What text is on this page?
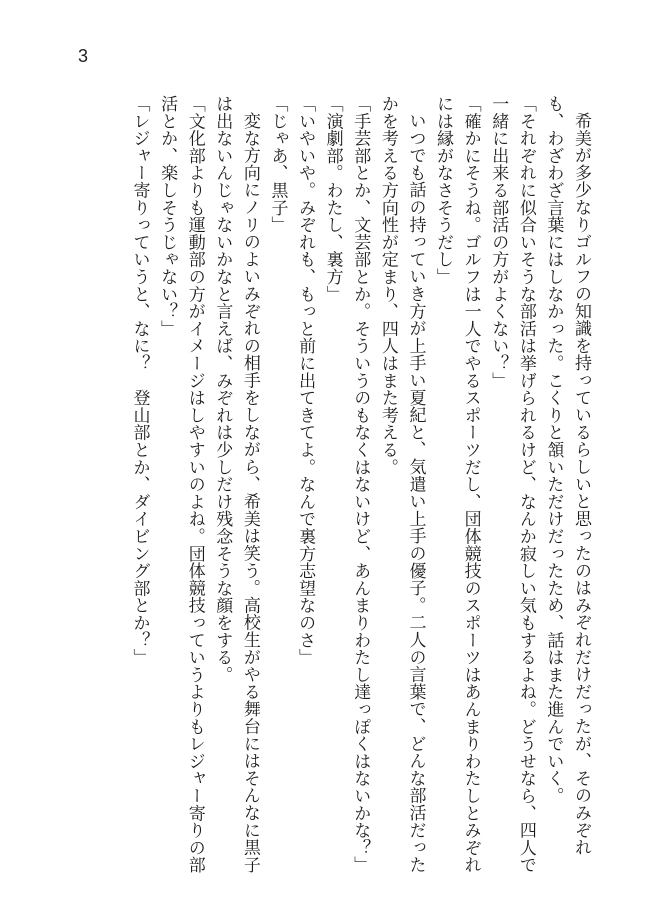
3

希美が多少なりゴルフの知識を持っているらしいと思ったのはみぞれだけだったが、そのみぞれも、わざわざ言葉にはしなかった。こくりと頷いただけだったため、話はまた進んでいく。

「それぞれに似合いそうな部活は挙げられるけど、なんか寂しい気もするよね。どうせなら、四人で一緒に出来る部活の方がよくない？」

「確かにそうね。ゴルフは一人でやるスポーツだし、団体競技のスポーツはあんまりわたしとみぞれには縁がなさそうだし」

いつでも話の持っていき方が上手い夏紀と、気遣い上手の優子。二人の言葉で、どんな部活だったかを考える方向性が定まり、四人はまた考える。

「手芸部とか、文芸部とか。そういうのもなくはないけど、あんまりわたし達っぽくはないかな？」

「演劇部。わたし、裏方」

「いやいや。みぞれも、もっと前に出てきてよ。なんで裏方志望なのさ」

「じゃあ、黒子」

変な方向にノリのよいみぞれの相手をしながら、希美は笑う。高校生がやる舞台にはそんなに黒子は出ないんじゃないかなと言えば、みぞれは少しだけ残念そうな顔をする。

「文化部よりも運動部の方がイメージはしやすいのよね。団体競技っていうよりもレジャー寄りの部活とか、楽しそうじゃない？」

「レジャー寄りっていうと、なに？　登山部とか、ダイビング部とか？」
